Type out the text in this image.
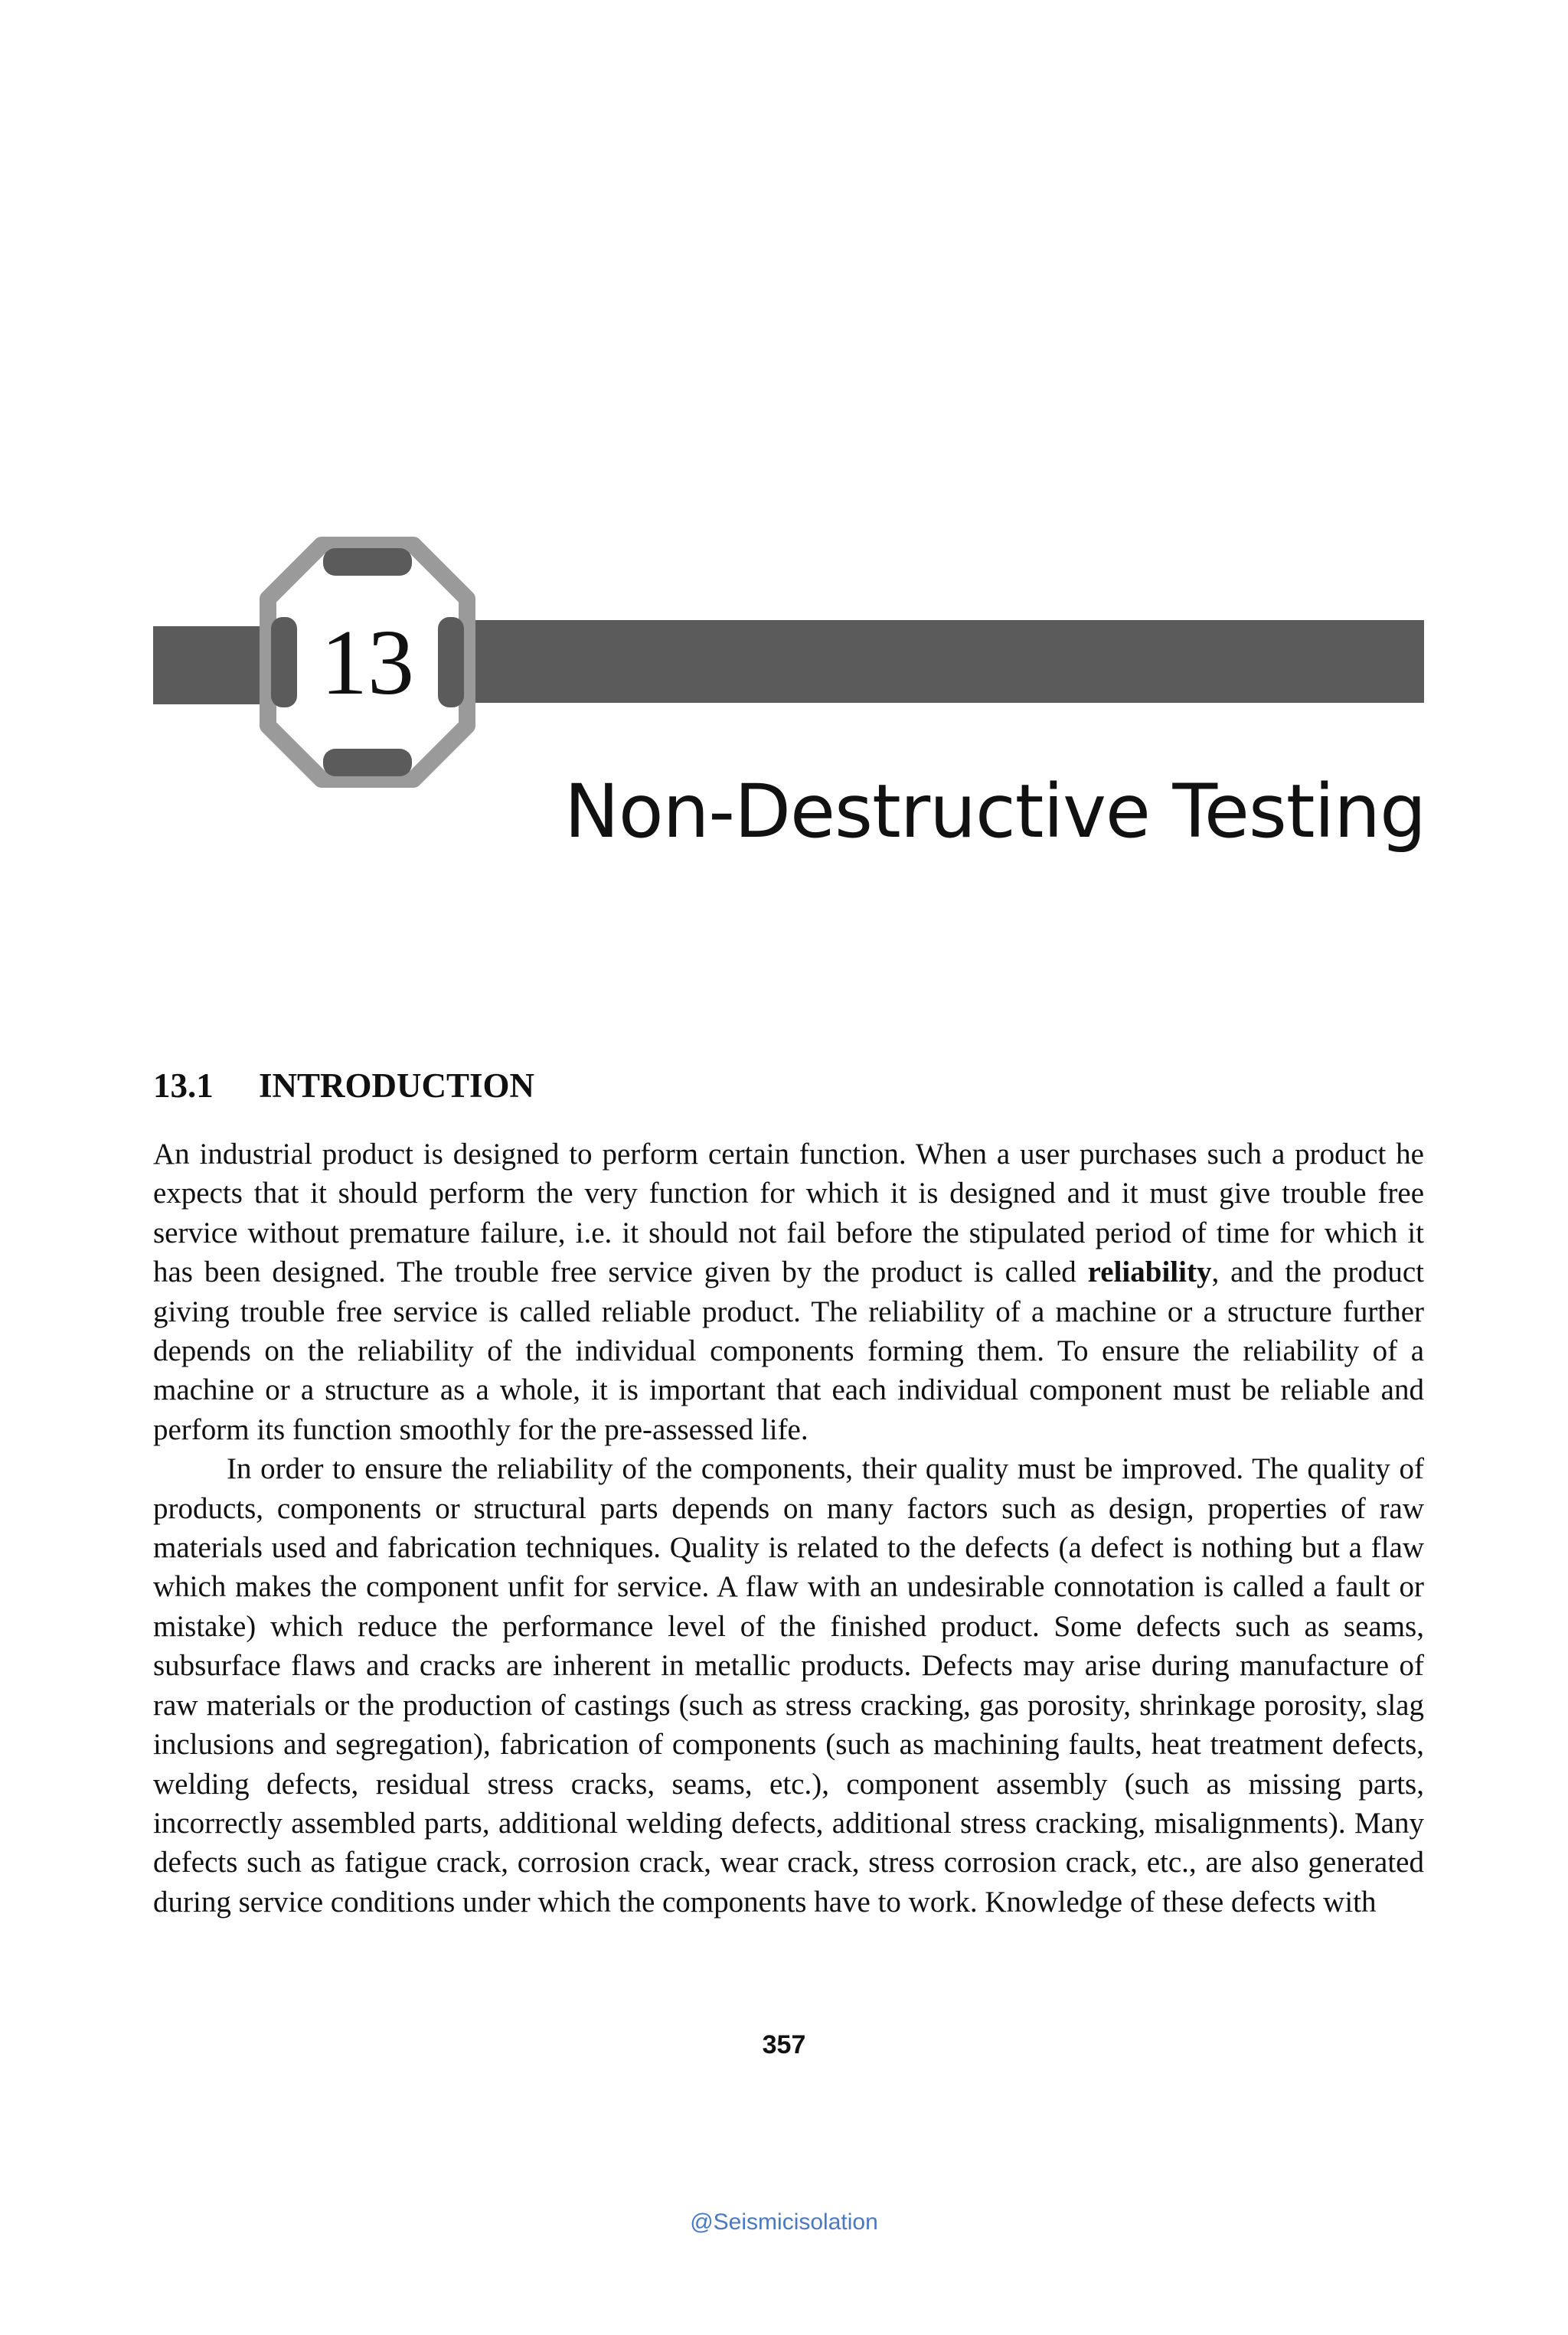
13
Non-Destructive Testing
13.1 INTRODUCTION

An industrial product is designed to perform certain function. When a user purchases such a product he expects that it should perform the very function for which it is designed and it must give trouble free service without premature failure, i.e. it should not fail before the stipulated period of time for which it has been designed. The trouble free service given by the product is called reliability, and the product giving trouble free service is called reliable product. The reliability of a machine or a structure further depends on the reliability of the individual components forming them. To ensure the reliability of a machine or a structure as a whole, it is important that each individual component must be reliable and perform its function smoothly for the pre-assessed life.

In order to ensure the reliability of the components, their quality must be improved. The quality of products, components or structural parts depends on many factors such as design, properties of raw materials used and fabrication techniques. Quality is related to the defects (a defect is nothing but a flaw which makes the component unfit for service. A flaw with an undesirable connotation is called a fault or mistake) which reduce the performance level of the finished product. Some defects such as seams, subsurface flaws and cracks are inherent in metallic products. Defects may arise during manufacture of raw materials or the production of castings (such as stress cracking, gas porosity, shrinkage porosity, slag inclusions and segregation), fabrication of components (such as machining faults, heat treatment defects, welding defects, residual stress cracks, seams, etc.), component assembly (such as missing parts, incorrectly assembled parts, additional welding defects, additional stress cracking, misalignments). Many defects such as fatigue crack, corrosion crack, wear crack, stress corrosion crack, etc., are also generated during service conditions under which the components have to work. Knowledge of these defects with

357
@Seismicisolation
